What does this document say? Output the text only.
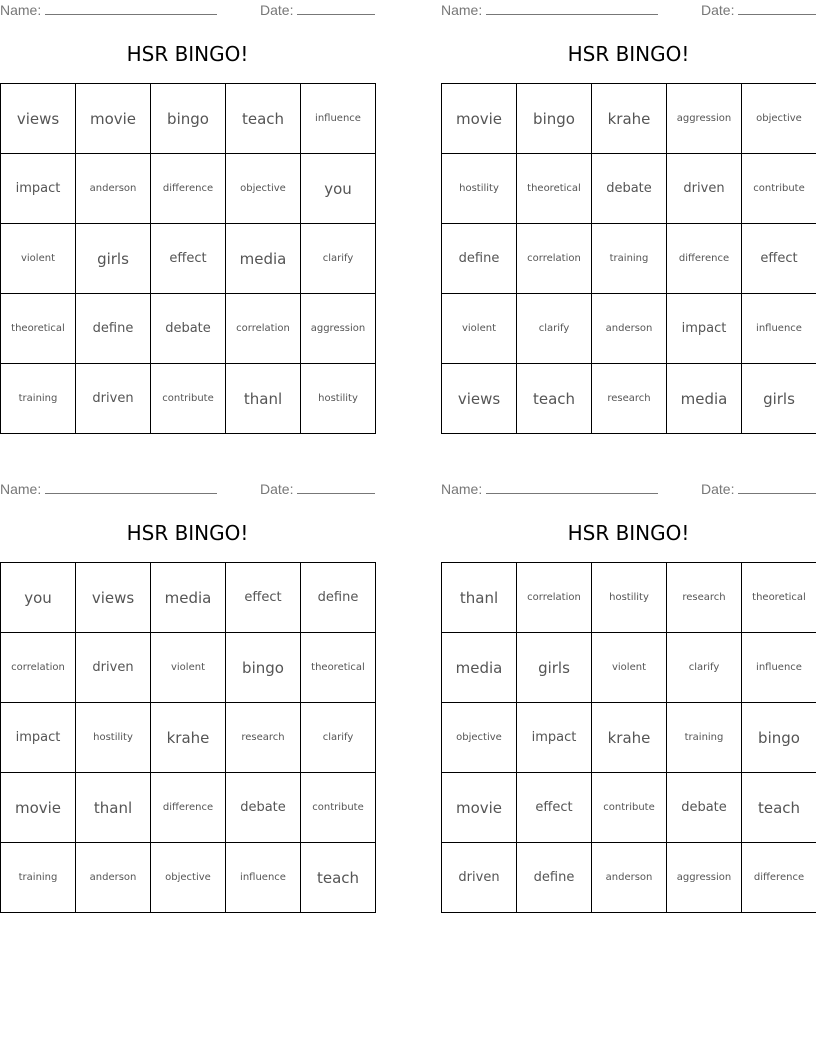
Name:	Date:
HSR BINGO!
views	movie	bingo	teach	influence
impact	anderson	difference	objective	you
violent	girls	effect	media	clarify
theoretical	define	debate	correlation	aggression
training	driven	contribute	thanl	hostility
Name:	Date:
HSR BINGO!
movie	bingo	krahe	aggression	objective
hostility	theoretical	debate	driven	contribute
define	correlation	training	difference	effect
violent	clarify	anderson	impact	influence
views	teach	research	media	girls
Name:	Date:
HSR BINGO!
you	views	media	effect	define
correlation	driven	violent	bingo	theoretical
impact	hostility	krahe	research	clarify
movie	thanl	difference	debate	contribute
training	anderson	objective	influence	teach
Name:	Date:
HSR BINGO!
thanl	correlation	hostility	research	theoretical
media	girls	violent	clarify	influence
objective	impact	krahe	training	bingo
movie	effect	contribute	debate	teach
driven	define	anderson	aggression	difference
